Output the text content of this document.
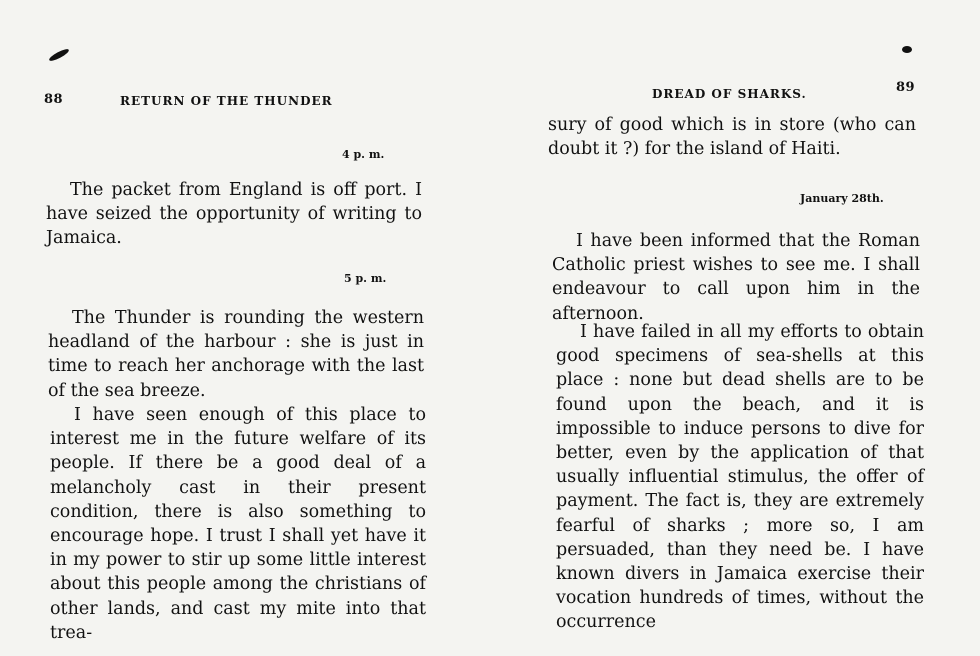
88	RETURN OF THE THUNDER
4 p. m.

The packet from England is off port. I have seized the opportunity of writing to Jamaica.

5 p. m.

The Thunder is rounding the western headland of the harbour : she is just in time to reach her anchorage with the last of the sea breeze.

I have seen enough of this place to interest me in the future welfare of its people. If there be a good deal of a melancholy cast in their present condition, there is also something to encourage hope. I trust I shall yet have it in my power to stir up some little interest about this people among the christians of other lands, and cast my mite into that trea-

DREAD OF SHARKS.	89

sury of good which is in store (who can doubt it ?) for the island of Haiti.

January 28th.

I have been informed that the Roman Catholic priest wishes to see me. I shall endeavour to call upon him in the afternoon.

I have failed in all my efforts to obtain good specimens of sea-shells at this place : none but dead shells are to be found upon the beach, and it is impossible to induce persons to dive for better, even by the application of that usually influential stimulus, the offer of payment. The fact is, they are extremely fearful of sharks ; more so, I am persuaded, than they need be. I have known divers in Jamaica exercise their vocation hundreds of times, without the occurrence
